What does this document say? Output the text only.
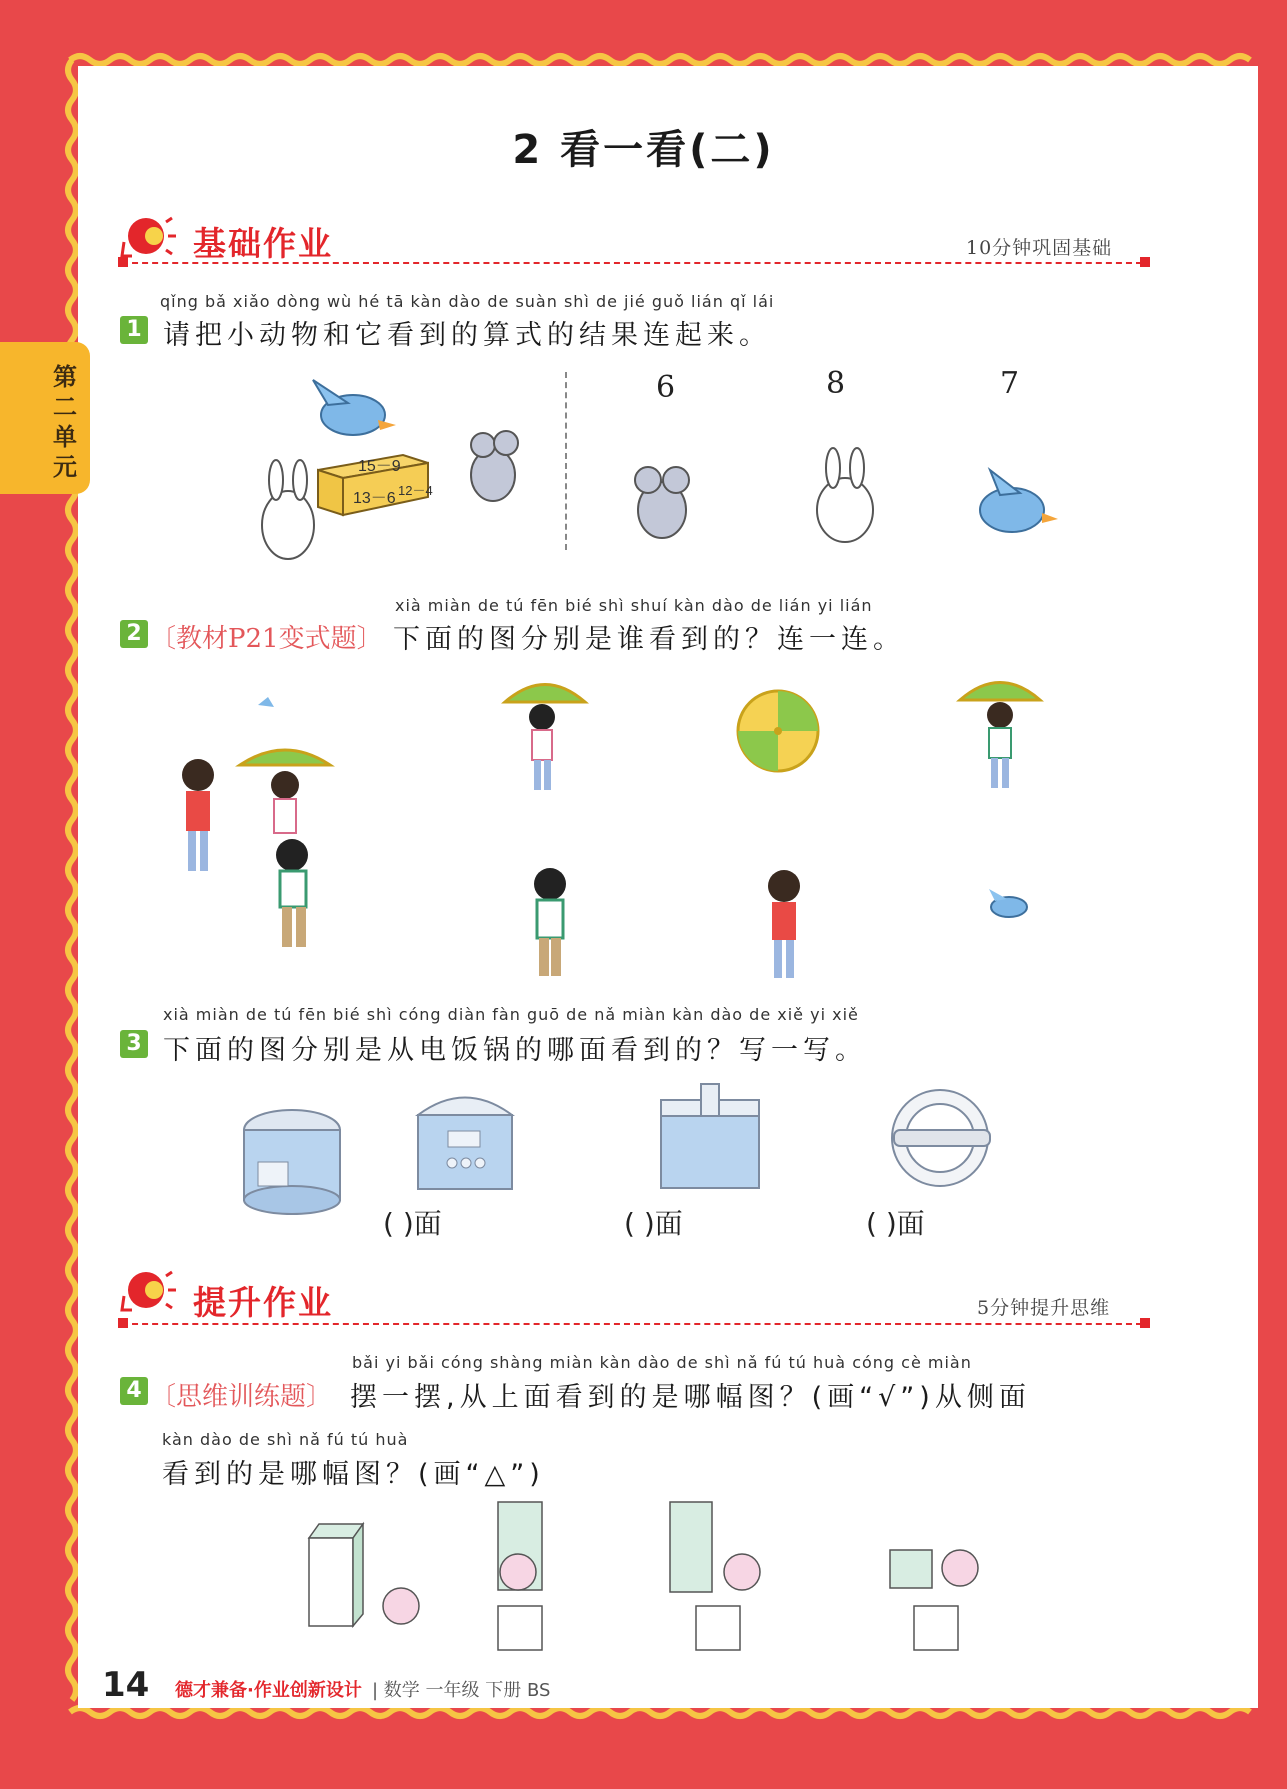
第二单元
2 看一看(二)
基础作业	10分钟巩固基础
qǐng bǎ xiǎo dòng wù hé tā kàn dào de suàn shì de jié guǒ lián qǐ lái
1 请把小动物和它看到的算式的结果连起来。
15－9
13－6 12－4
6	8	7
xià miàn de tú fēn bié shì shuí kàn dào de lián yi lián
2 〔教材P21变式题〕 下面的图分别是谁看到的？连一连。
xià miàn de tú fēn bié shì cóng diàn fàn guō de nǎ miàn kàn dào de xiě yi xiě
3 下面的图分别是从电饭锅的哪面看到的？写一写。
( )面	( )面	( )面
提升作业	5分钟提升思维
bǎi yi bǎi cóng shàng miàn kàn dào de shì nǎ fú tú huà cóng cè miàn
4 〔思维训练题〕 摆一摆,从上面看到的是哪幅图？(画“√”)从侧面
kàn dào de shì nǎ fú tú huà
看到的是哪幅图？(画“△”)
14 德才兼备·作业创新设计 | 数学 一年级 下册 BS
